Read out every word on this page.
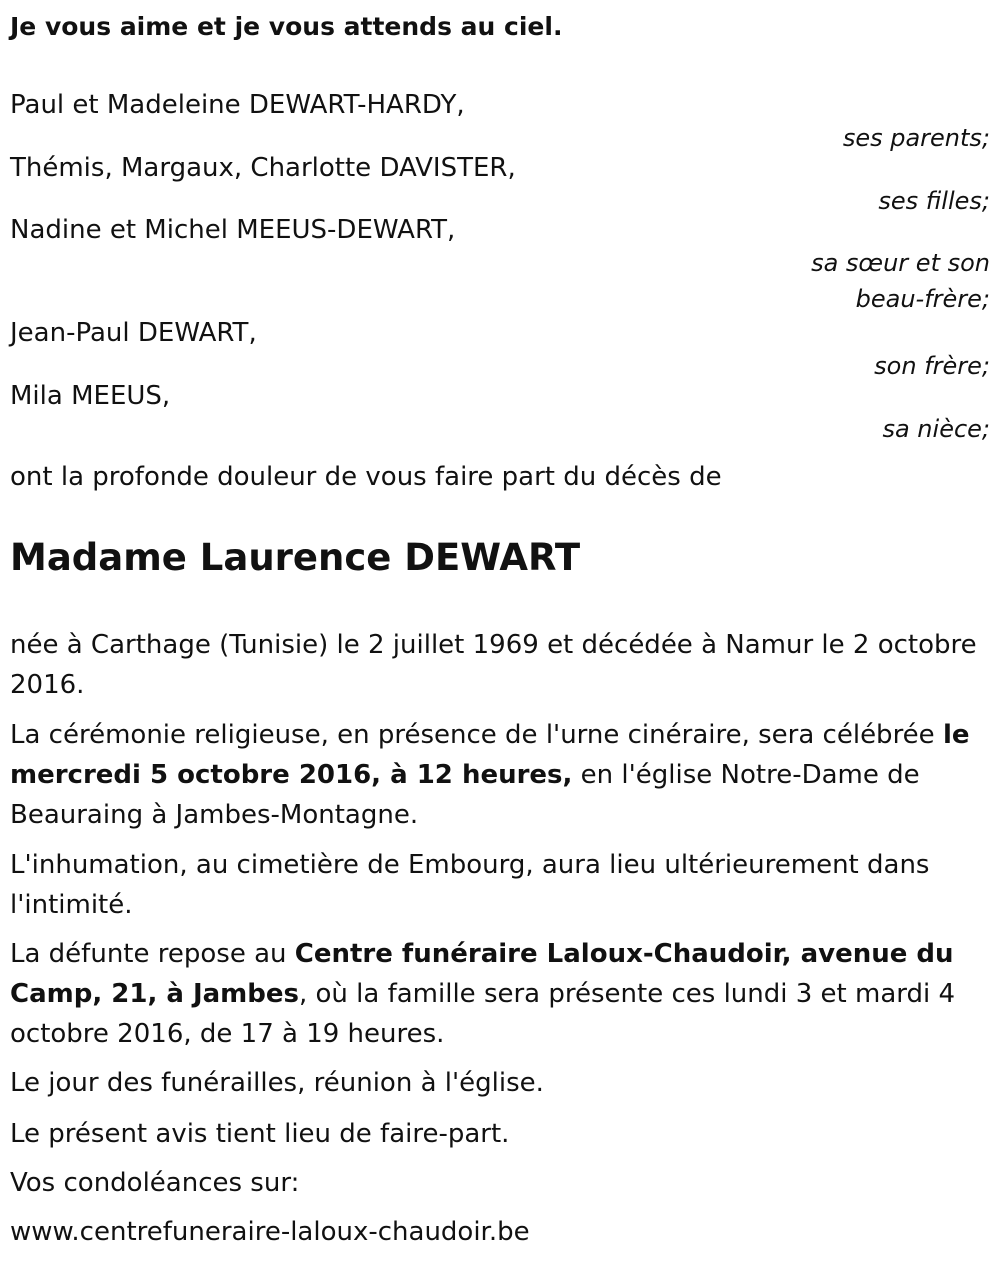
Je vous aime et je vous attends au ciel.

Paul et Madeleine DEWART-HARDY,
ses parents;
Thémis, Margaux, Charlotte DAVISTER,
ses filles;
Nadine et Michel MEEUS-DEWART,
sa sœur et son
beau-frère;
Jean-Paul DEWART,
son frère;
Mila MEEUS,
sa nièce;

ont la profonde douleur de vous faire part du décès de

Madame Laurence DEWART

née à Carthage (Tunisie) le 2 juillet 1969 et décédée à Namur le 2 octobre 2016.

La cérémonie religieuse, en présence de l'urne cinéraire, sera célébrée le mercredi 5 octobre 2016, à 12 heures, en l'église Notre-Dame de Beauraing à Jambes-Montagne.

L'inhumation, au cimetière de Embourg, aura lieu ultérieurement dans l'intimité.

La défunte repose au Centre funéraire Laloux-Chaudoir, avenue du Camp, 21, à Jambes, où la famille sera présente ces lundi 3 et mardi 4 octobre 2016, de 17 à 19 heures.

Le jour des funérailles, réunion à l'église.

Le présent avis tient lieu de faire-part.

Vos condoléances sur:

www.centrefuneraire-laloux-chaudoir.be
